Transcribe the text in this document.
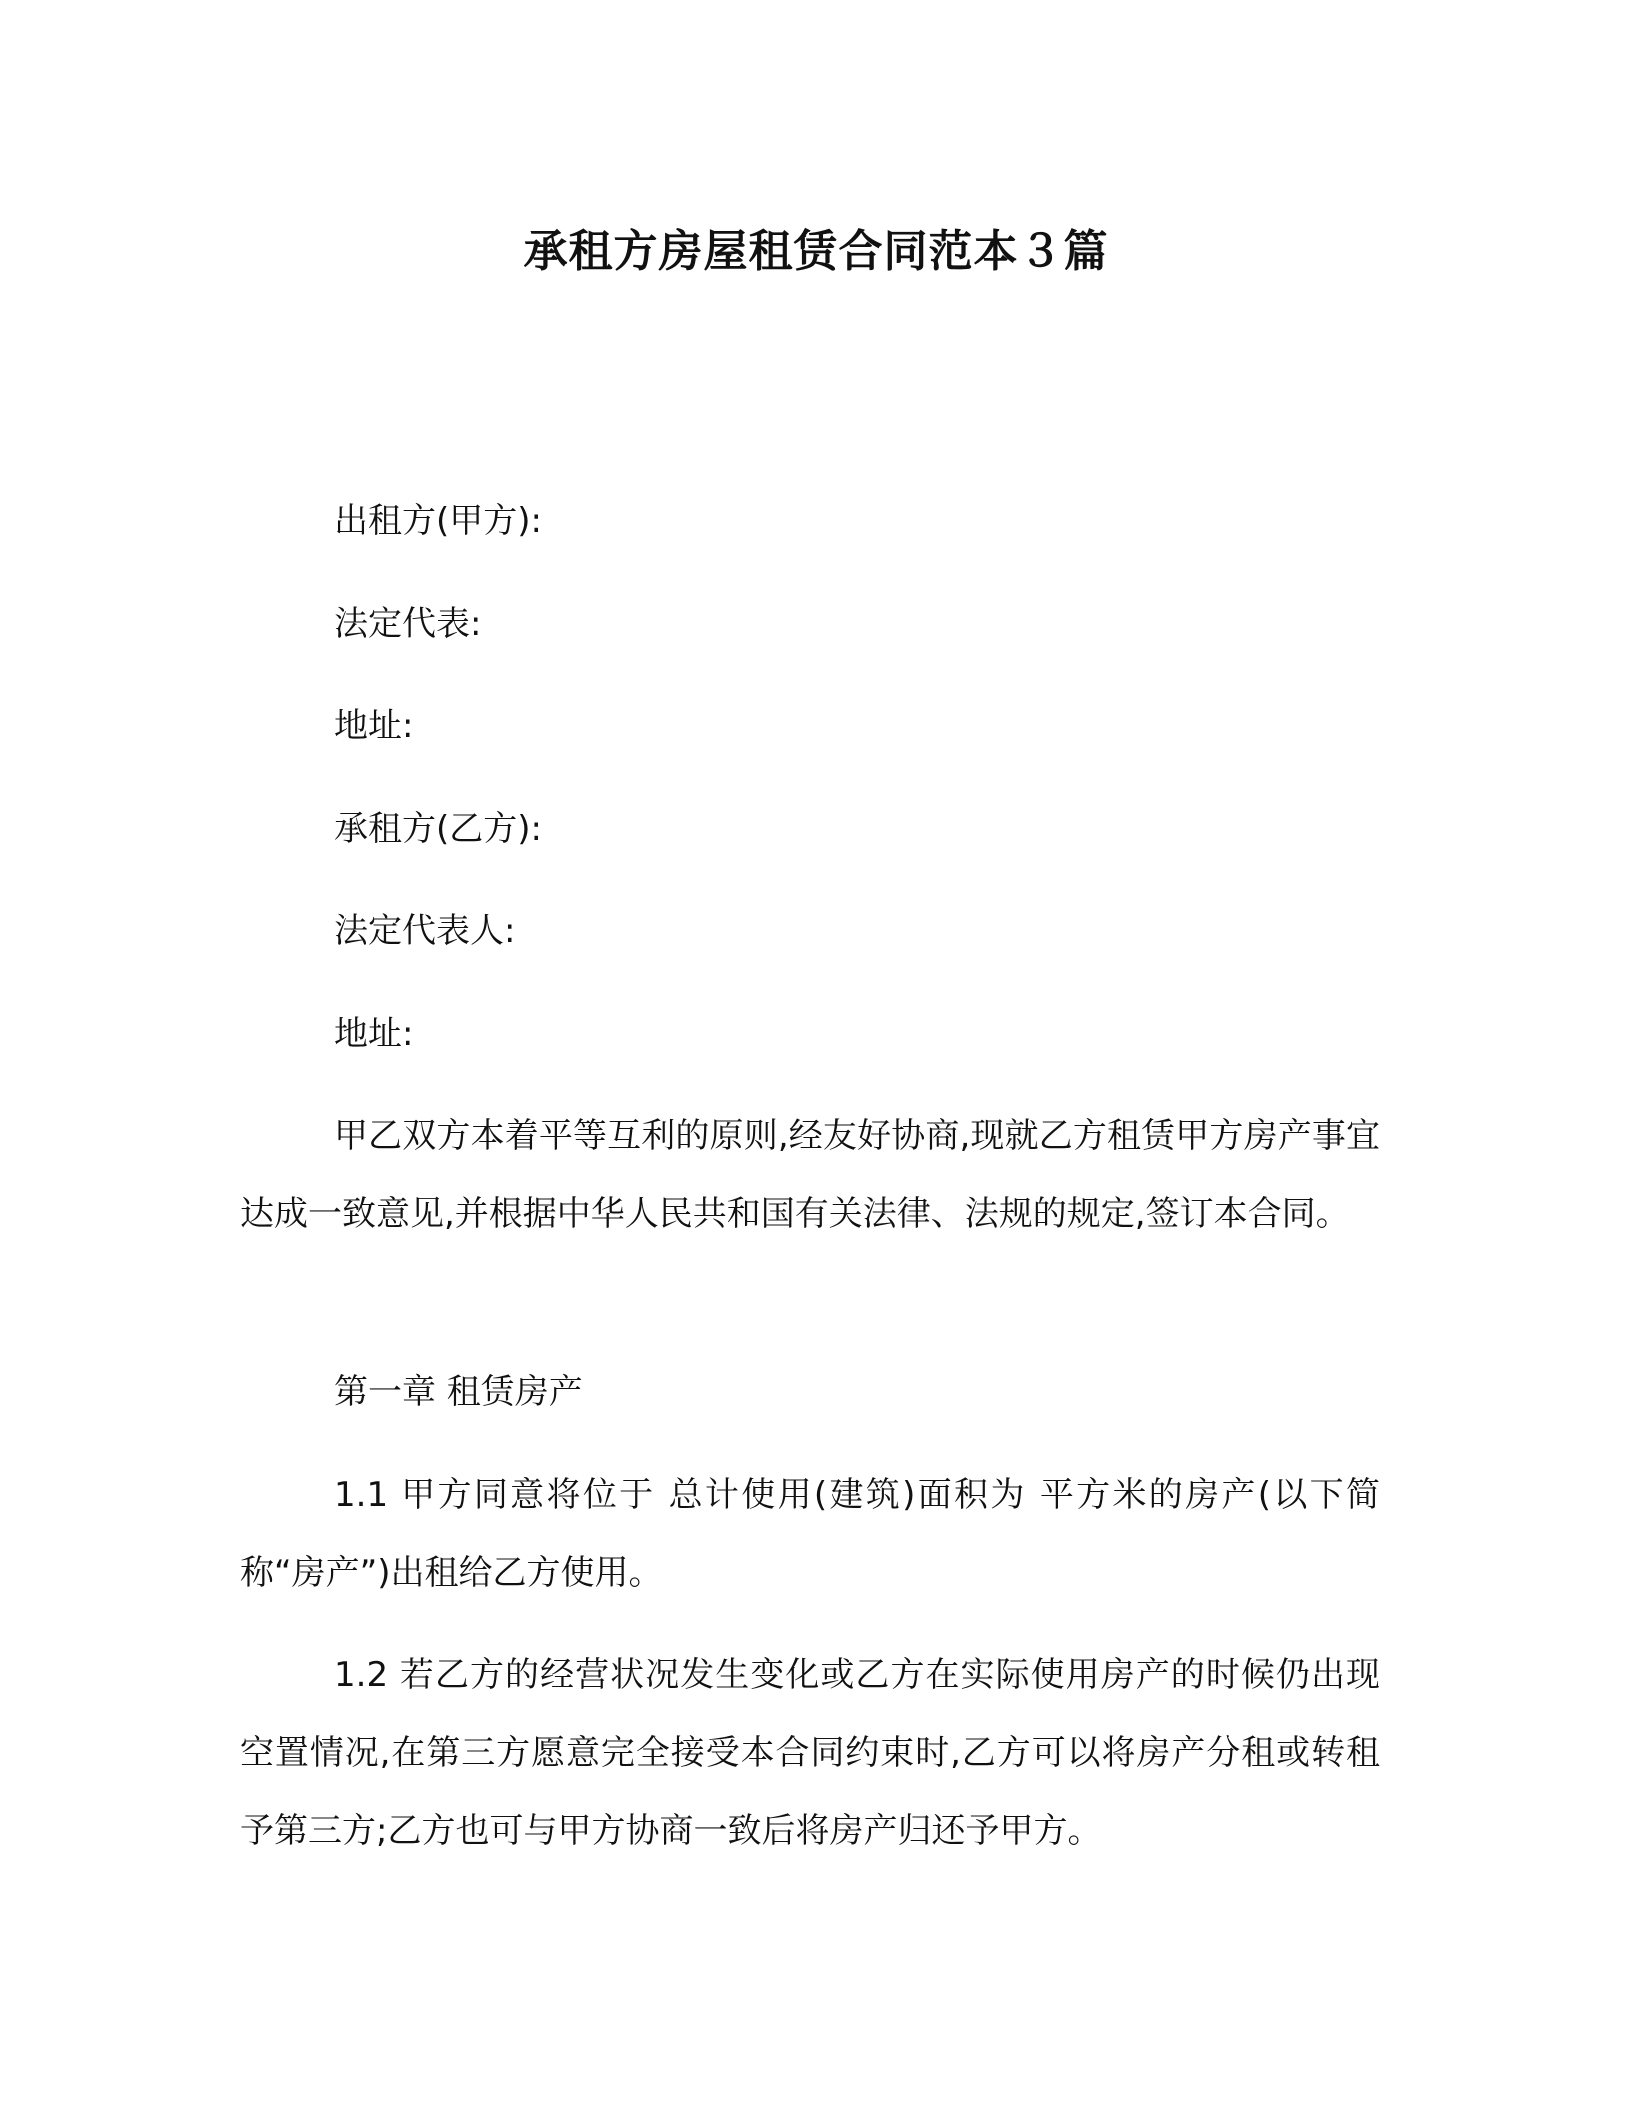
承租方房屋租赁合同范本３篇

出租方(甲方):

法定代表:

地址:

承租方(乙方):

法定代表人:

地址:

甲乙双方本着平等互利的原则,经友好协商,现就乙方租赁甲方房产事宜达成一致意见,并根据中华人民共和国有关法律、法规的规定,签订本合同。

第一章 租赁房产

1.1 甲方同意将位于 总计使用(建筑)面积为 平方米的房产(以下简称“房产”)出租给乙方使用。

1.2 若乙方的经营状况发生变化或乙方在实际使用房产的时候仍出现空置情况,在第三方愿意完全接受本合同约束时,乙方可以将房产分租或转租予第三方;乙方也可与甲方协商一致后将房产归还予甲方。
